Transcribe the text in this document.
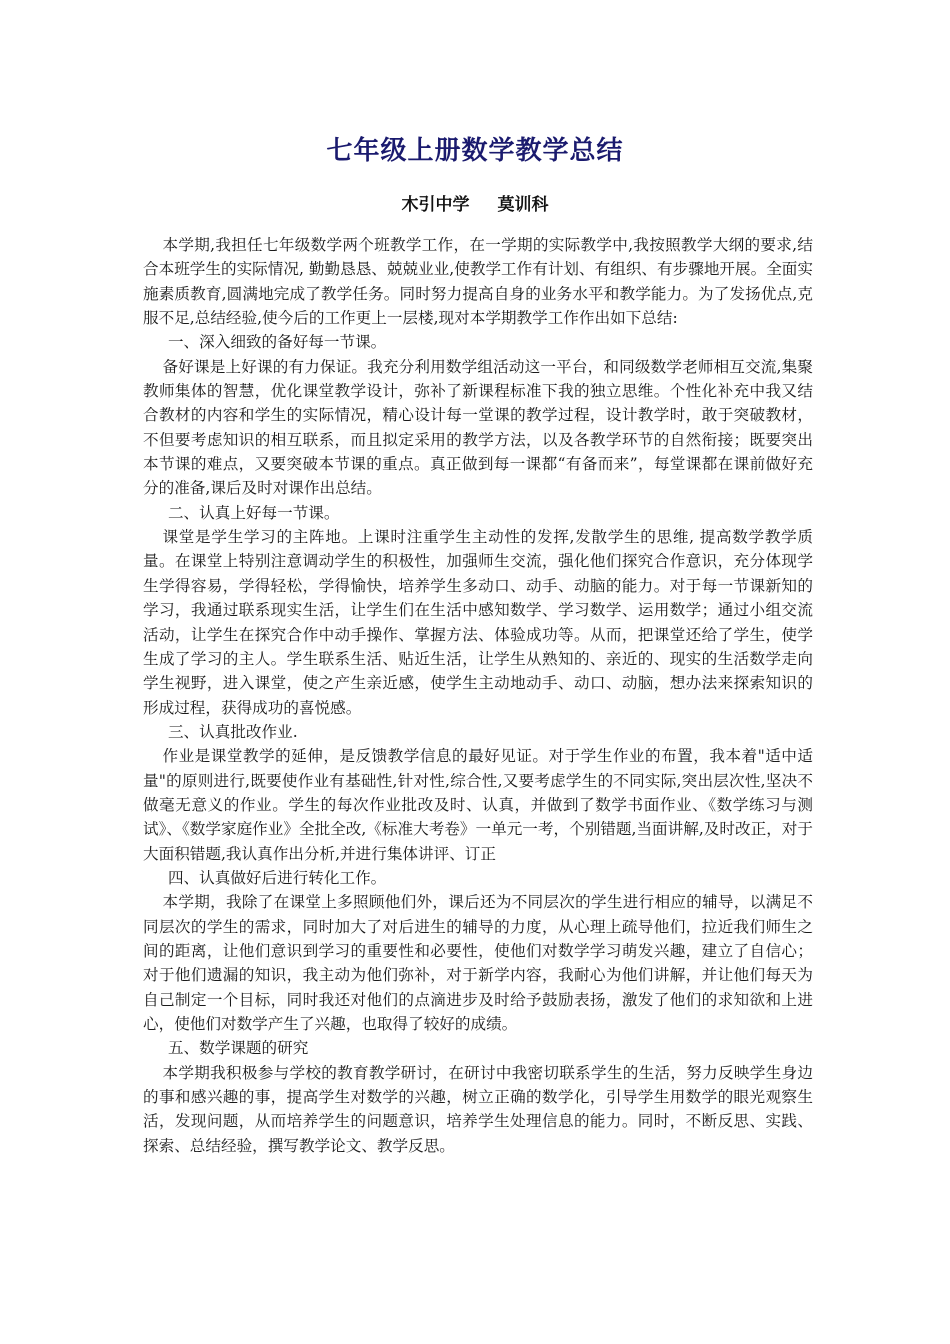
七年级上册数学教学总结
木引中学 莫训科

本学期,我担任七年级数学两个班教学工作，在一学期的实际教学中,我按照教学大纲的要求,结合本班学生的实际情况, 勤勤恳恳、兢兢业业,使教学工作有计划、有组织、有步骤地开展。全面实施素质教育,圆满地完成了教学任务。同时努力提高自身的业务水平和教学能力。为了发扬优点,克服不足,总结经验,使今后的工作更上一层楼,现对本学期教学工作作出如下总结:

一、深入细致的备好每一节课。

备好课是上好课的有力保证。我充分利用数学组活动这一平台，和同级数学老师相互交流,集聚教师集体的智慧，优化课堂教学设计，弥补了新课程标准下我的独立思维。个性化补充中我又结合教材的内容和学生的实际情况，精心设计每一堂课的教学过程，设计教学时，敢于突破教材，不但要考虑知识的相互联系，而且拟定采用的教学方法，以及各教学环节的自然衔接；既要突出本节课的难点，又要突破本节课的重点。真正做到每一课都“有备而来”，每堂课都在课前做好充分的准备,课后及时对课作出总结。

二、认真上好每一节课。

课堂是学生学习的主阵地。上课时注重学生主动性的发挥,发散学生的思维, 提高数学教学质量。在课堂上特别注意调动学生的积极性，加强师生交流，强化他们探究合作意识，充分体现学生学得容易，学得轻松，学得愉快，培养学生多动口、动手、动脑的能力。对于每一节课新知的学习，我通过联系现实生活，让学生们在生活中感知数学、学习数学、运用数学；通过小组交流活动，让学生在探究合作中动手操作、掌握方法、体验成功等。从而，把课堂还给了学生，使学生成了学习的主人。学生联系生活、贴近生活，让学生从熟知的、亲近的、现实的生活数学走向学生视野，进入课堂，使之产生亲近感，使学生主动地动手、动口、动脑，想办法来探索知识的形成过程，获得成功的喜悦感。

三、认真批改作业.

作业是课堂教学的延伸，是反馈教学信息的最好见证。对于学生作业的布置，我本着"适中适量"的原则进行,既要使作业有基础性,针对性,综合性,又要考虑学生的不同实际,突出层次性,坚决不做毫无意义的作业。学生的每次作业批改及时、认真，并做到了数学书面作业、《数学练习与测试》、《数学家庭作业》全批全改,《标准大考卷》一单元一考，个别错题,当面讲解,及时改正，对于大面积错题,我认真作出分析,并进行集体讲评、订正

四、认真做好后进行转化工作。

本学期，我除了在课堂上多照顾他们外，课后还为不同层次的学生进行相应的辅导，以满足不同层次的学生的需求，同时加大了对后进生的辅导的力度，从心理上疏导他们，拉近我们师生之间的距离，让他们意识到学习的重要性和必要性，使他们对数学学习萌发兴趣，建立了自信心；对于他们遗漏的知识，我主动为他们弥补，对于新学内容，我耐心为他们讲解，并让他们每天为自己制定一个目标，同时我还对他们的点滴进步及时给予鼓励表扬，激发了他们的求知欲和上进心，使他们对数学产生了兴趣，也取得了较好的成绩。

五、数学课题的研究

本学期我积极参与学校的教育教学研讨，在研讨中我密切联系学生的生活，努力反映学生身边的事和感兴趣的事，提高学生对数学的兴趣，树立正确的数学化，引导学生用数学的眼光观察生活，发现问题，从而培养学生的问题意识，培养学生处理信息的能力。同时，不断反思、实践、探索、总结经验，撰写教学论文、教学反思。
